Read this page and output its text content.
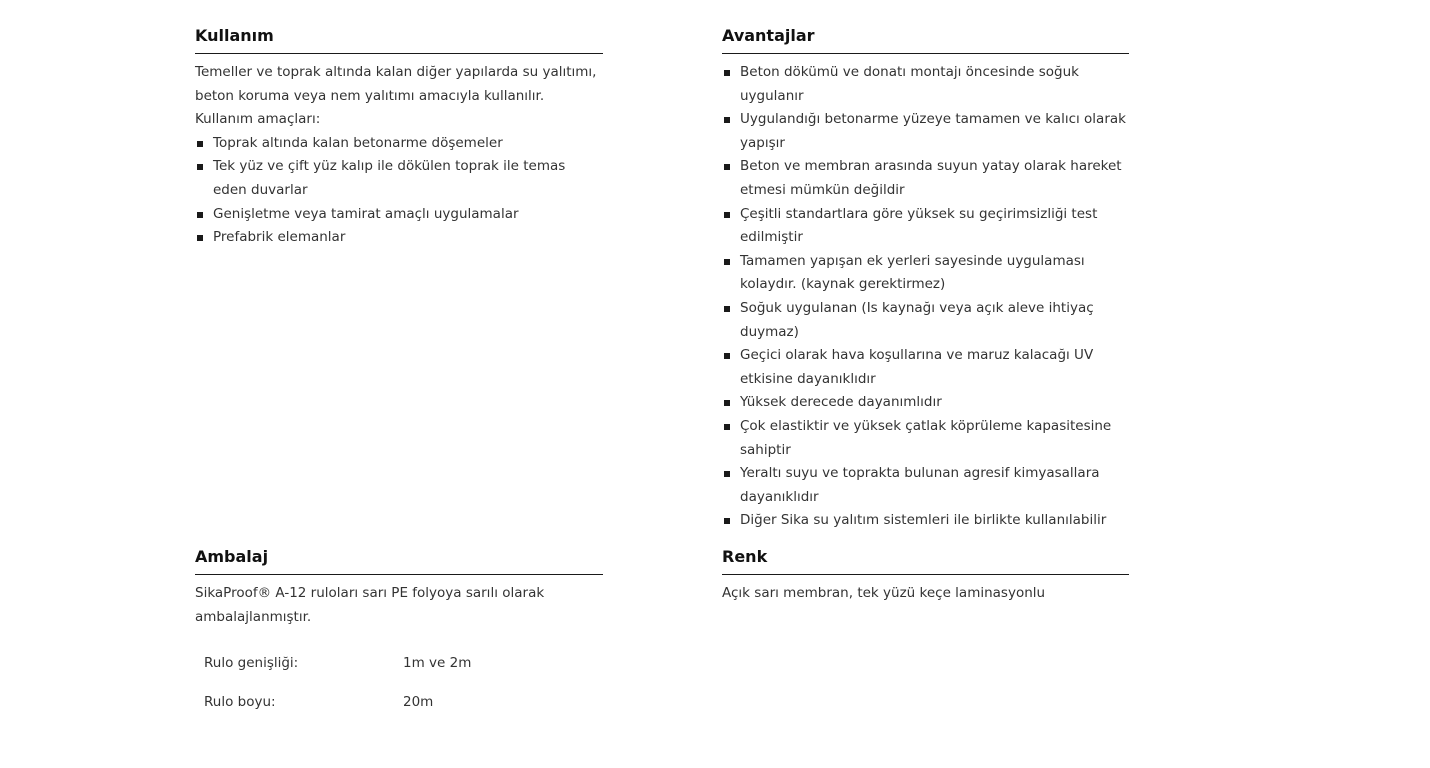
Kullanım

Temeller ve toprak altında kalan diğer yapılarda su yalıtımı, beton koruma veya nem yalıtımı amacıyla kullanılır. Kullanım amaçları:

Toprak altında kalan betonarme döşemeler
Tek yüz ve çift yüz kalıp ile dökülen toprak ile temas eden duvarlar
Genişletme veya tamirat amaçlı uygulamalar
Prefabrik elemanlar
Avantajlar
Beton dökümü ve donatı montajı öncesinde soğuk uygulanır
Uygulandığı betonarme yüzeye tamamen ve kalıcı olarak yapışır
Beton ve membran arasında suyun yatay olarak hareket etmesi mümkün değildir
Çeşitli standartlara göre yüksek su geçirimsizliği test edilmiştir
Tamamen yapışan ek yerleri sayesinde uygulaması kolaydır. (kaynak gerektirmez)
Soğuk uygulanan (Is kaynağı veya açık aleve ihtiyaç duymaz)
Geçici olarak hava koşullarına ve maruz kalacağı UV etkisine dayanıklıdır
Yüksek derecede dayanımlıdır
Çok elastiktir ve yüksek çatlak köprüleme kapasitesine sahiptir
Yeraltı suyu ve toprakta bulunan agresif kimyasallara dayanıklıdır
Diğer Sika su yalıtım sistemleri ile birlikte kullanılabilir
Ambalaj

SikaProof® A-12 ruloları sarı PE folyoya sarılı olarak ambalajlanmıştır.

Rulo genişliği:	1m ve 2m
Rulo boyu:	20m
Renk

Açık sarı membran, tek yüzü keçe laminasyonlu
